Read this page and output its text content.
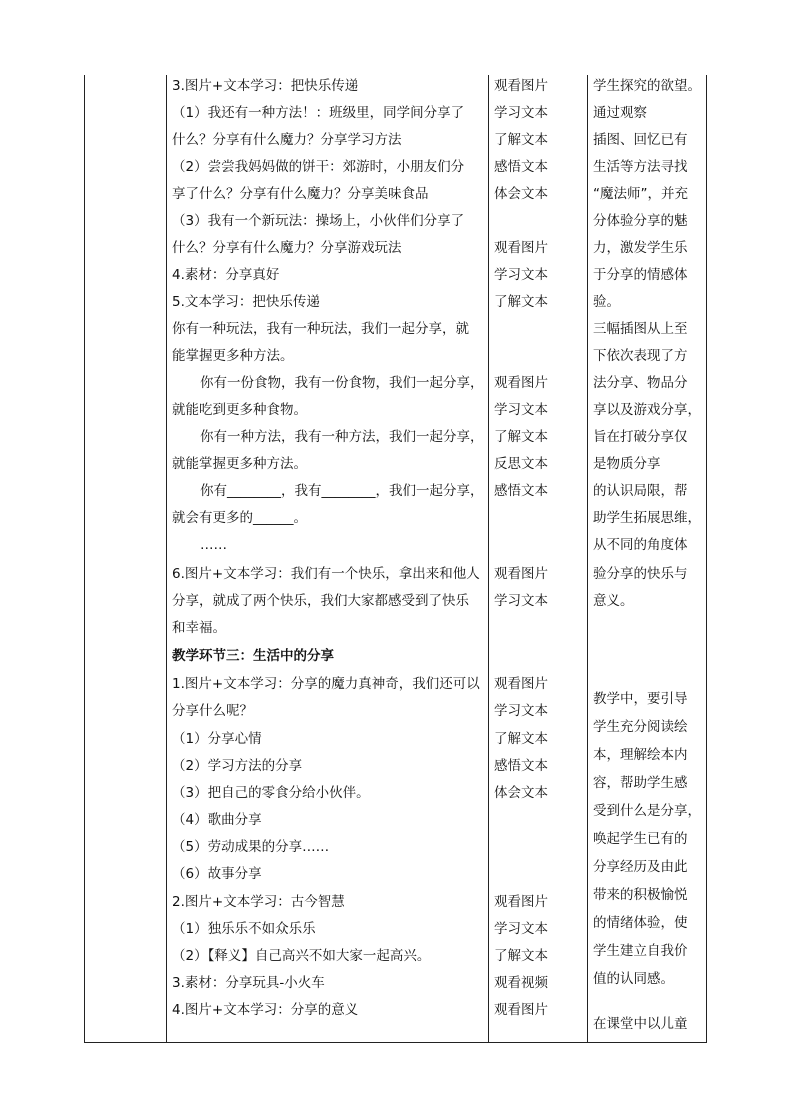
3.图片+文本学习：把快乐传递
（1）我还有一种方法！：班级里，同学间分享了
什么？分享有什么魔力？分享学习方法
（2）尝尝我妈妈做的饼干：郊游时，小朋友们分
享了什么？分享有什么魔力？分享美味食品
（3）我有一个新玩法：操场上，小伙伴们分享了
什么？分享有什么魔力？分享游戏玩法
4.素材：分享真好
5.文本学习：把快乐传递
你有一种玩法，我有一种玩法，我们一起分享，就
能掌握更多种方法。
你有一份食物，我有一份食物，我们一起分享，
就能吃到更多种食物。
你有一种方法，我有一种方法，我们一起分享，
就能掌握更多种方法。
你有________，我有________，我们一起分享，
就会有更多的______。
……
6.图片+文本学习：我们有一个快乐，拿出来和他人
分享，就成了两个快乐，我们大家都感受到了快乐
和幸福。
教学环节三：生活中的分享
1.图片+文本学习：分享的魔力真神奇，我们还可以
分享什么呢？
（1）分享心情
（2）学习方法的分享
（3）把自己的零食分给小伙伴。
（4）歌曲分享
（5）劳动成果的分享……
（6）故事分享
2.图片+文本学习：古今智慧
（1）独乐乐不如众乐乐
（2）【释义】自己高兴不如大家一起高兴。
3.素材：分享玩具-小火车
4.图片+文本学习：分享的意义
观看图片
学习文本
了解文本
感悟文本
体会文本
观看图片
学习文本
了解文本
观看图片
学习文本
了解文本
反思文本
感悟文本
观看图片
学习文本
观看图片
学习文本
了解文本
感悟文本
体会文本
观看图片
学习文本
了解文本
观看视频
观看图片
学生探究的欲望。
通过观察
插图、回忆已有
生活等方法寻找
“魔法师”，并充
分体验分享的魅
力，激发学生乐
于分享的情感体
验。
三幅插图从上至
下依次表现了方
法分享、物品分
享以及游戏分享，
旨在打破分享仅
是物质分享
的认识局限，帮
助学生拓展思维，
从不同的角度体
验分享的快乐与
意义。
教学中，要引导
学生充分阅读绘
本，理解绘本内
容，帮助学生感
受到什么是分享，
唤起学生已有的
分享经历及由此
带来的积极愉悦
的情绪体验，使
学生建立自我价
值的认同感。
在课堂中以儿童
